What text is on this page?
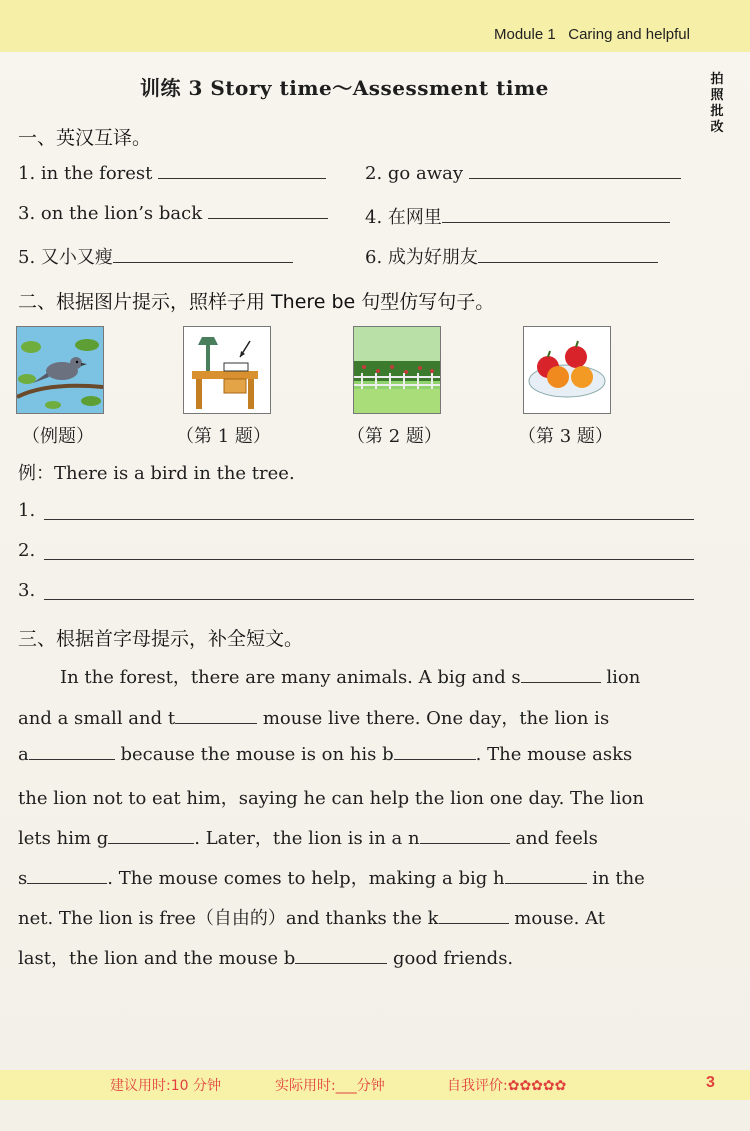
Module 1 Caring and helpful
拍照批改
训练 3 Story time～Assessment time
一、英汉互译。
1. in the forest	2. go away
3. on the lion’s back	4. 在网里
5. 又小又瘦	6. 成为好朋友
二、根据图片提示，照样子用 There be 句型仿写句子。
（例题）	（第 1 题）	（第 2 题）	（第 3 题）
例：There is a bird in the tree.
1.
2.
3.
三、根据首字母提示，补全短文。
In the forest，there are many animals. A big and s	lion
and a small and t	mouse live there. One day，the lion is
a	because the mouse is on his b	. The mouse asks
the lion not to eat him，saying he can help the lion one day. The lion
lets him g	. Later，the lion is in a n	and feels
s	. The mouse comes to help，making a big h	in the
net. The lion is free（自由的）and thanks the k	mouse. At
last，the lion and the mouse b	good friends.
建议用时:10 分钟	实际用时:___分钟	自我评价:✿✿✿✿✿	3
